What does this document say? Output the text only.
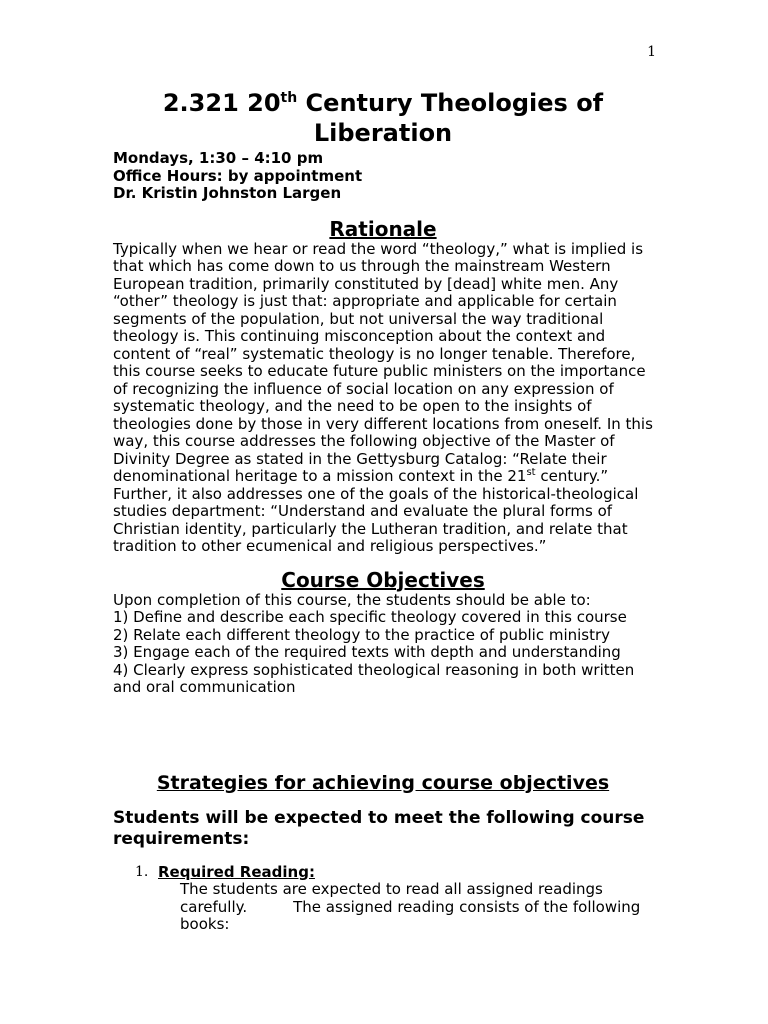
1
2.321 20th Century Theologies of Liberation
Mondays, 1:30 – 4:10 pm
Office Hours: by appointment
Dr. Kristin Johnston Largen
Rationale

Typically when we hear or read the word “theology,” what is implied is that which has come down to us through the mainstream Western European tradition, primarily constituted by [dead] white men. Any “other” theology is just that: appropriate and applicable for certain segments of the population, but not universal the way traditional theology is. This continuing misconception about the context and content of “real” systematic theology is no longer tenable. Therefore, this course seeks to educate future public ministers on the importance of recognizing the influence of social location on any expression of systematic theology, and the need to be open to the insights of theologies done by those in very different locations from oneself. In this way, this course addresses the following objective of the Master of Divinity Degree as stated in the Gettysburg Catalog: “Relate their denominational heritage to a mission context in the 21st century.” Further, it also addresses one of the goals of the historical-theological studies department: “Understand and evaluate the plural forms of Christian identity, particularly the Lutheran tradition, and relate that tradition to other ecumenical and religious perspectives.”

Course Objectives
Upon completion of this course, the students should be able to:
1) Define and describe each specific theology covered in this course
2) Relate each different theology to the practice of public ministry
3) Engage each of the required texts with depth and understanding
4) Clearly express sophisticated theological reasoning in both written and oral communication
Strategies for achieving course objectives
Students will be expected to meet the following course requirements:
1. Required Reading:
The students are expected to read all assigned readings carefully.	The assigned reading consists of the following books:
